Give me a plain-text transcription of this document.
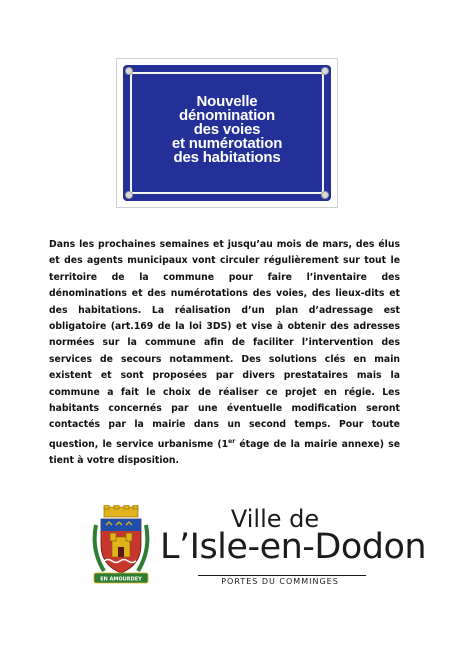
Nouvelle
dénomination
des voies
et numérotation
des habitations

Dans les prochaines semaines et jusqu’au mois de mars, des élus et des agents municipaux vont circuler régulièrement sur tout le territoire de la commune pour faire l’inventaire des dénominations et des numérotations des voies, des lieux-dits et des habitations. La réalisation d’un plan d’adressage est obligatoire (art.169 de la loi 3DS) et vise à obtenir des adresses normées sur la commune afin de faciliter l’intervention des services de secours notamment. Des solutions clés en main existent et sont proposées par divers prestataires mais la commune a fait le choix de réaliser ce projet en régie. Les habitants concernés par une éventuelle modification seront contactés par la mairie dans un second temps. Pour toute question, le service urbanisme (1er étage de la mairie annexe) se tient à votre disposition.

EN AMOURDEY
Ville de
L’Isle-en-Dodon
PORTES DU COMMINGES
